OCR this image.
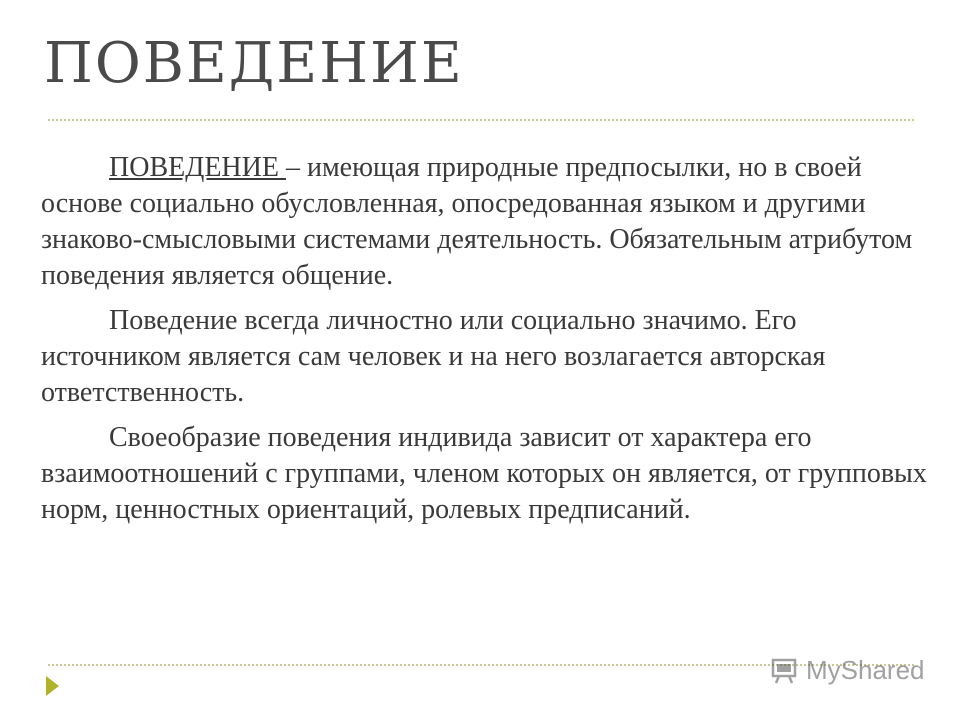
ПОВЕДЕНИЕ

ПОВЕДЕНИЕ – имеющая природные предпосылки, но в своей основе социально обусловленная, опосредованная языком и другими знаково-смысловыми системами деятельность. Обязательным атрибутом поведения является общение.

Поведение всегда личностно или социально значимо. Его источником является сам человек и на него возлагается авторская ответственность.

Своеобразие поведения индивида зависит от характера его взаимоотношений с группами, членом которых он является, от групповых норм, ценностных ориентаций, ролевых предписаний.

MyShared
